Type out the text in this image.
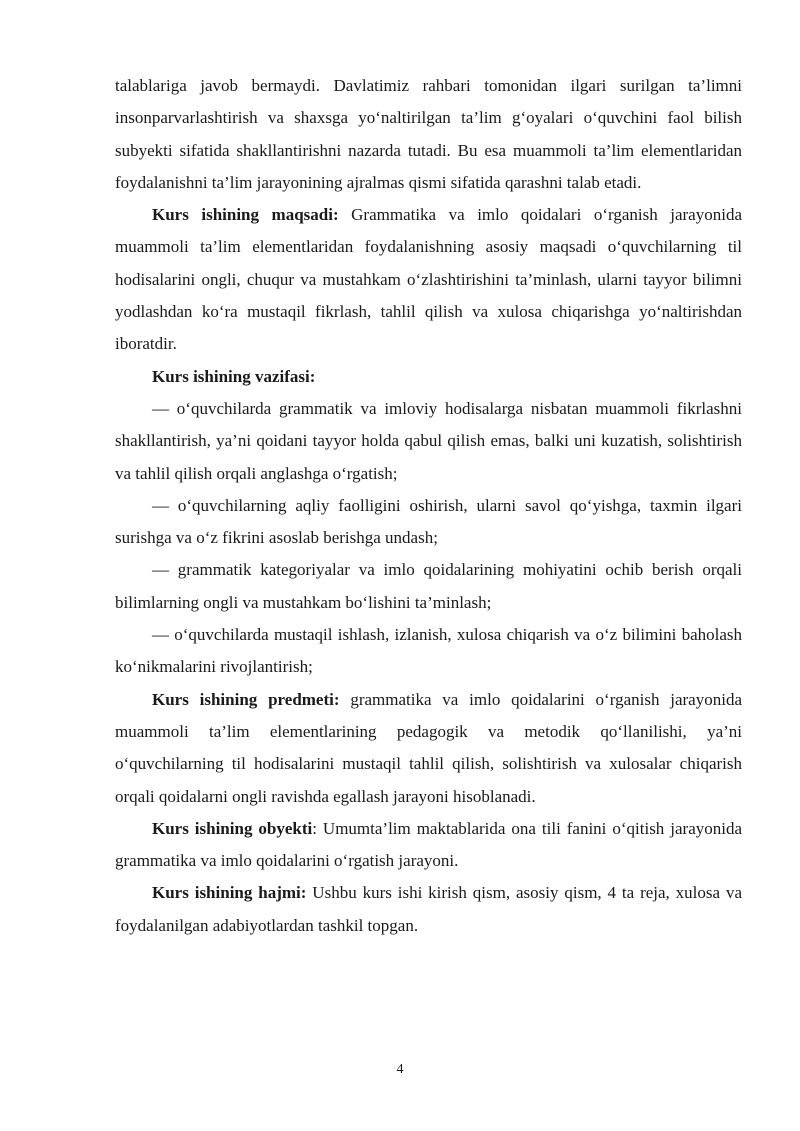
talablariga javob bermaydi. Davlatimiz rahbari tomonidan ilgari surilgan ta’limni insonparvarlashtirish va shaxsga yo‘naltirilgan ta’lim g‘oyalari o‘quvchini faol bilish subyekti sifatida shakllantirishni nazarda tutadi. Bu esa muammoli ta’lim elementlaridan foydalanishni ta’lim jarayonining ajralmas qismi sifatida qarashni talab etadi.

Kurs ishining maqsadi: Grammatika va imlo qoidalari o‘rganish jarayonida muammoli ta’lim elementlaridan foydalanishning asosiy maqsadi o‘quvchilarning til hodisalarini ongli, chuqur va mustahkam o‘zlashtirishini ta’minlash, ularni tayyor bilimni yodlashdan ko‘ra mustaqil fikrlash, tahlil qilish va xulosa chiqarishga yo‘naltirishdan iboratdir.

Kurs ishining vazifasi:

— o‘quvchilarda grammatik va imloviy hodisalarga nisbatan muammoli fikrlashni shakllantirish, ya’ni qoidani tayyor holda qabul qilish emas, balki uni kuzatish, solishtirish va tahlil qilish orqali anglashga o‘rgatish;

— o‘quvchilarning aqliy faolligini oshirish, ularni savol qo‘yishga, taxmin ilgari surishga va o‘z fikrini asoslab berishga undash;

— grammatik kategoriyalar va imlo qoidalarining mohiyatini ochib berish orqali bilimlarning ongli va mustahkam bo‘lishini ta’minlash;

— o‘quvchilarda mustaqil ishlash, izlanish, xulosa chiqarish va o‘z bilimini baholash ko‘nikmalarini rivojlantirish;

Kurs ishining predmeti: grammatika va imlo qoidalarini o‘rganish jarayonida muammoli ta’lim elementlarining pedagogik va metodik qo‘llanilishi, ya’ni o‘quvchilarning til hodisalarini mustaqil tahlil qilish, solishtirish va xulosalar chiqarish orqali qoidalarni ongli ravishda egallash jarayoni hisoblanadi.

Kurs ishining obyekti: Umumta’lim maktablarida ona tili fanini o‘qitish jarayonida grammatika va imlo qoidalarini o‘rgatish jarayoni.

Kurs ishining hajmi: Ushbu kurs ishi kirish qism, asosiy qism, 4 ta reja, xulosa va foydalanilgan adabiyotlardan tashkil topgan.

4
